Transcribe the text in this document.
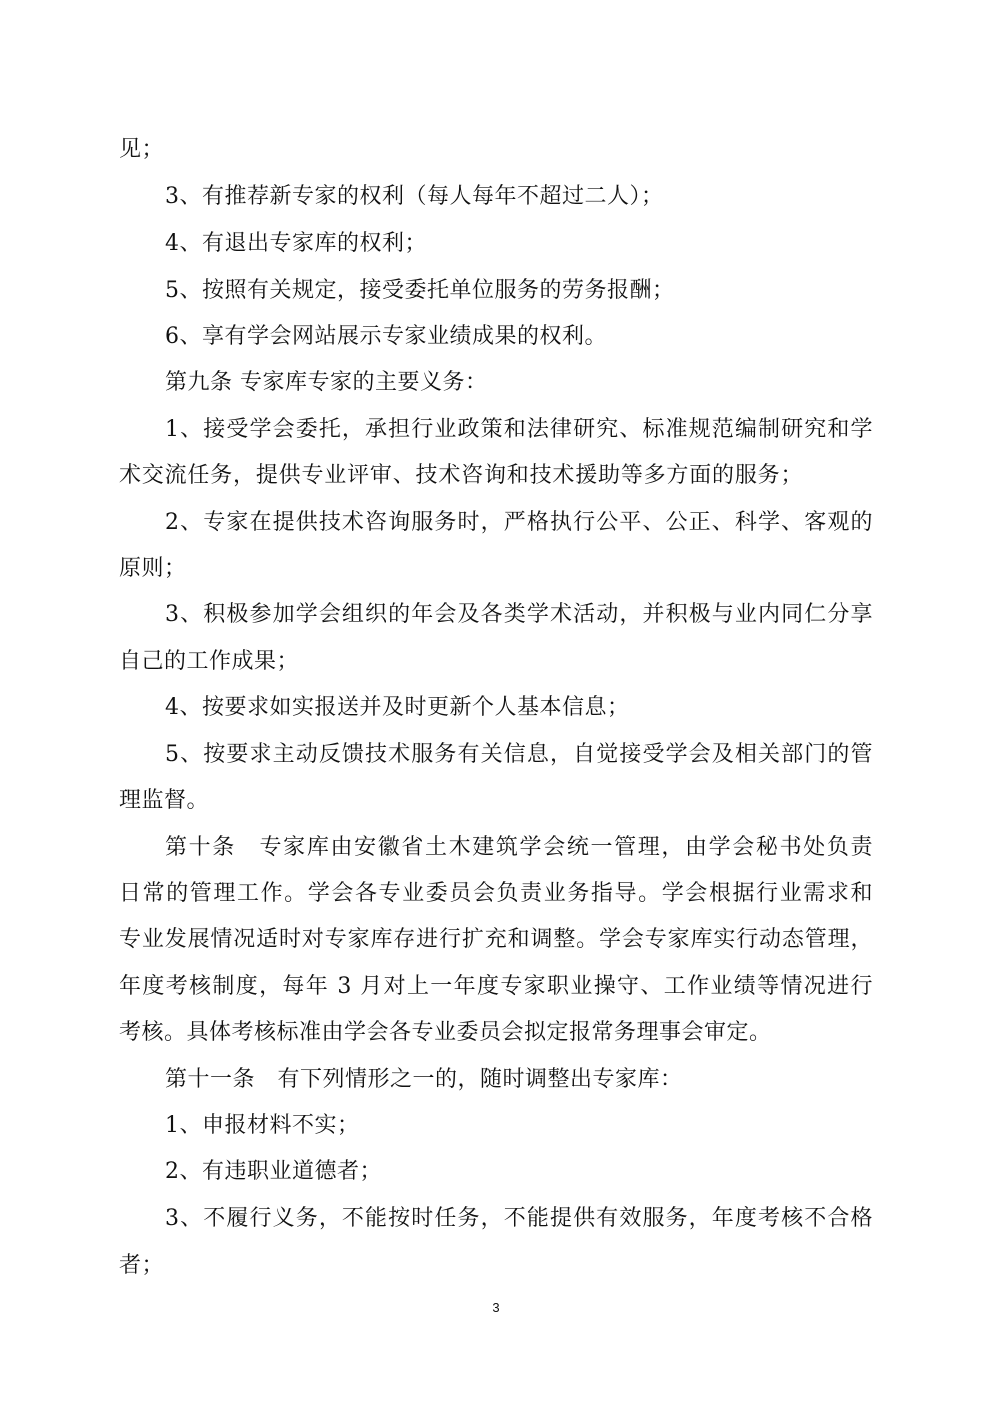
见；
3、有推荐新专家的权利（每人每年不超过二人）；
4、有退出专家库的权利；
5、按照有关规定，接受委托单位服务的劳务报酬；
6、享有学会网站展示专家业绩成果的权利。
第九条 专家库专家的主要义务：
1、接受学会委托，承担行业政策和法律研究、标准规范编制研究和学
术交流任务，提供专业评审、技术咨询和技术援助等多方面的服务；
2、专家在提供技术咨询服务时，严格执行公平、公正、科学、客观的
原则；
3、积极参加学会组织的年会及各类学术活动，并积极与业内同仁分享
自己的工作成果；
4、按要求如实报送并及时更新个人基本信息；
5、按要求主动反馈技术服务有关信息，自觉接受学会及相关部门的管
理监督。
第十条　专家库由安徽省土木建筑学会统一管理，由学会秘书处负责
日常的管理工作。学会各专业委员会负责业务指导。学会根据行业需求和
专业发展情况适时对专家库存进行扩充和调整。学会专家库实行动态管理，
年度考核制度，每年 3 月对上一年度专家职业操守、工作业绩等情况进行
考核。具体考核标准由学会各专业委员会拟定报常务理事会审定。
第十一条　有下列情形之一的，随时调整出专家库：
1、申报材料不实；
2、有违职业道德者；
3、不履行义务，不能按时任务，不能提供有效服务，年度考核不合格
者；
3
